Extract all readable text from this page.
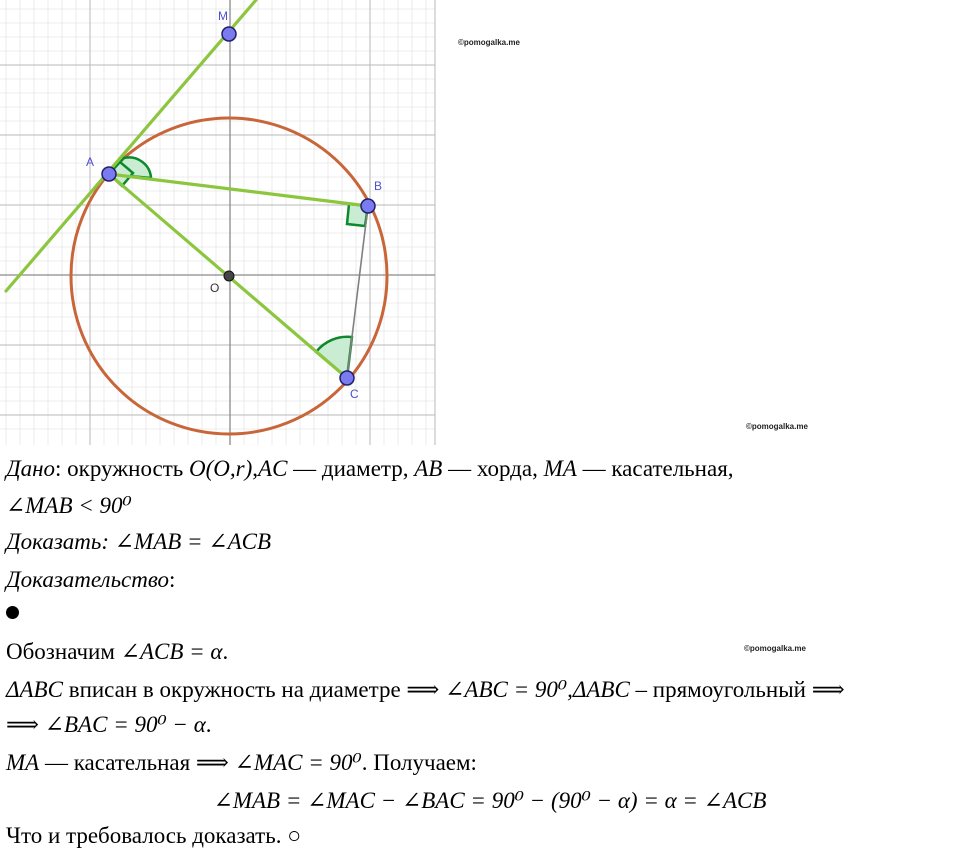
M
A
B
C
O
©pomogalka.me
©pomogalka.me
©pomogalka.me
Дано: окружность O(O,r),AC — диаметр, AB — хорда, MA — касательная,
∠MAB < 90⁰
Доказать: ∠MAB = ∠ACB
Доказательство:
Обозначим ∠ACB = α.
ΔABC вписан в окружность на диаметре ⟹ ∠ABC = 90⁰,ΔABC – прямоугольный ⟹
⟹ ∠BAC = 90⁰ − α.
MA — касательная ⟹ ∠MAC = 90⁰. Получаем:
∠MAB = ∠MAC − ∠BAC = 90⁰ − (90⁰ − α) = α = ∠ACB
Что и требовалось доказать. ○
